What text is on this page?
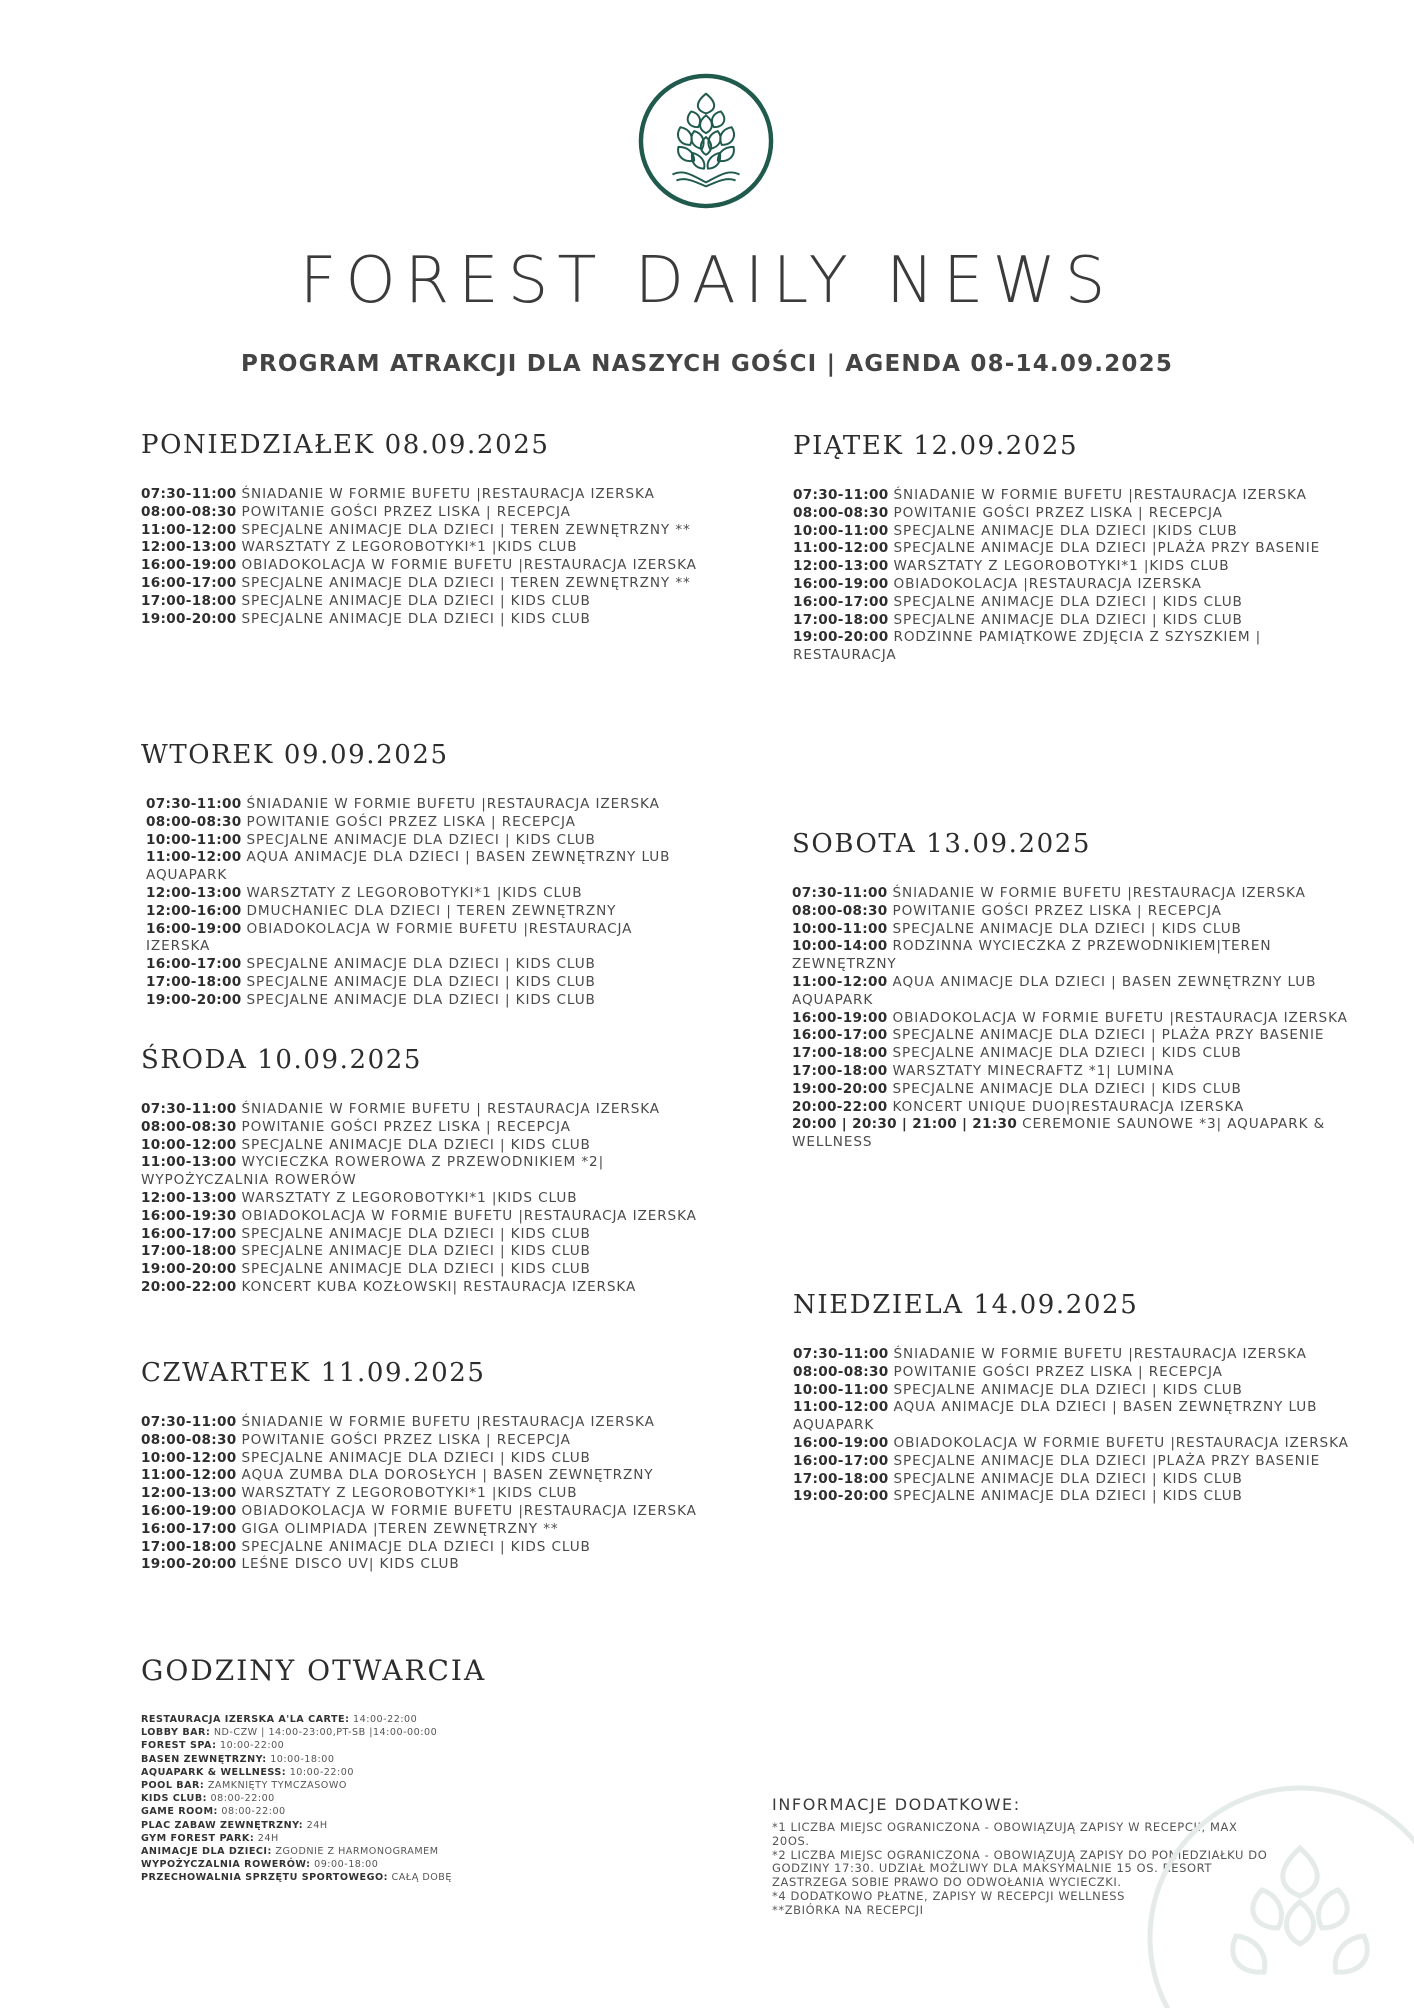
FOREST DAILY NEWS
PROGRAM ATRAKCJI DLA NASZYCH GOŚCI | AGENDA 08-14.09.2025
PONIEDZIAŁEK 08.09.2025
07:30-11:00 ŚNIADANIE W FORMIE BUFETU |RESTAURACJA IZERSKA
08:00-08:30 POWITANIE GOŚCI PRZEZ LISKA | RECEPCJA
11:00-12:00 SPECJALNE ANIMACJE DLA DZIECI | TEREN ZEWNĘTRZNY **
12:00-13:00 WARSZTATY Z LEGOROBOTYKI*1 |KIDS CLUB
16:00-19:00 OBIADOKOLACJA W FORMIE BUFETU |RESTAURACJA IZERSKA
16:00-17:00 SPECJALNE ANIMACJE DLA DZIECI | TEREN ZEWNĘTRZNY **
17:00-18:00 SPECJALNE ANIMACJE DLA DZIECI | KIDS CLUB
19:00-20:00 SPECJALNE ANIMACJE DLA DZIECI | KIDS CLUB
WTOREK 09.09.2025
07:30-11:00 ŚNIADANIE W FORMIE BUFETU |RESTAURACJA IZERSKA
08:00-08:30 POWITANIE GOŚCI PRZEZ LISKA | RECEPCJA
10:00-11:00 SPECJALNE ANIMACJE DLA DZIECI | KIDS CLUB
11:00-12:00 AQUA ANIMACJE DLA DZIECI | BASEN ZEWNĘTRZNY LUB AQUAPARK
12:00-13:00 WARSZTATY Z LEGOROBOTYKI*1 |KIDS CLUB
12:00-16:00 DMUCHANIEC DLA DZIECI | TEREN ZEWNĘTRZNY
16:00-19:00 OBIADOKOLACJA W FORMIE BUFETU |RESTAURACJA IZERSKA
16:00-17:00 SPECJALNE ANIMACJE DLA DZIECI | KIDS CLUB
17:00-18:00 SPECJALNE ANIMACJE DLA DZIECI | KIDS CLUB
19:00-20:00 SPECJALNE ANIMACJE DLA DZIECI | KIDS CLUB
ŚRODA 10.09.2025
07:30-11:00 ŚNIADANIE W FORMIE BUFETU | RESTAURACJA IZERSKA
08:00-08:30 POWITANIE GOŚCI PRZEZ LISKA | RECEPCJA
10:00-12:00 SPECJALNE ANIMACJE DLA DZIECI | KIDS CLUB
11:00-13:00 WYCIECZKA ROWEROWA Z PRZEWODNIKIEM *2| WYPOŻYCZALNIA ROWERÓW
12:00-13:00 WARSZTATY Z LEGOROBOTYKI*1 |KIDS CLUB
16:00-19:30 OBIADOKOLACJA W FORMIE BUFETU |RESTAURACJA IZERSKA
16:00-17:00 SPECJALNE ANIMACJE DLA DZIECI | KIDS CLUB
17:00-18:00 SPECJALNE ANIMACJE DLA DZIECI | KIDS CLUB
19:00-20:00 SPECJALNE ANIMACJE DLA DZIECI | KIDS CLUB
20:00-22:00 KONCERT KUBA KOZŁOWSKI| RESTAURACJA IZERSKA
CZWARTEK 11.09.2025
07:30-11:00 ŚNIADANIE W FORMIE BUFETU |RESTAURACJA IZERSKA
08:00-08:30 POWITANIE GOŚCI PRZEZ LISKA | RECEPCJA
10:00-12:00 SPECJALNE ANIMACJE DLA DZIECI | KIDS CLUB
11:00-12:00 AQUA ZUMBA DLA DOROSŁYCH | BASEN ZEWNĘTRZNY
12:00-13:00 WARSZTATY Z LEGOROBOTYKI*1 |KIDS CLUB
16:00-19:00 OBIADOKOLACJA W FORMIE BUFETU |RESTAURACJA IZERSKA
16:00-17:00 GIGA OLIMPIADA |TEREN ZEWNĘTRZNY **
17:00-18:00 SPECJALNE ANIMACJE DLA DZIECI | KIDS CLUB
19:00-20:00 LEŚNE DISCO UV| KIDS CLUB
PIĄTEK 12.09.2025
07:30-11:00 ŚNIADANIE W FORMIE BUFETU |RESTAURACJA IZERSKA
08:00-08:30 POWITANIE GOŚCI PRZEZ LISKA | RECEPCJA
10:00-11:00 SPECJALNE ANIMACJE DLA DZIECI |KIDS CLUB
11:00-12:00 SPECJALNE ANIMACJE DLA DZIECI |PLAŻA PRZY BASENIE
12:00-13:00 WARSZTATY Z LEGOROBOTYKI*1 |KIDS CLUB
16:00-19:00 OBIADOKOLACJA |RESTAURACJA IZERSKA
16:00-17:00 SPECJALNE ANIMACJE DLA DZIECI | KIDS CLUB
17:00-18:00 SPECJALNE ANIMACJE DLA DZIECI | KIDS CLUB
19:00-20:00 RODZINNE PAMIĄTKOWE ZDJĘCIA Z SZYSZKIEM | RESTAURACJA
SOBOTA 13.09.2025
07:30-11:00 ŚNIADANIE W FORMIE BUFETU |RESTAURACJA IZERSKA
08:00-08:30 POWITANIE GOŚCI PRZEZ LISKA | RECEPCJA
10:00-11:00 SPECJALNE ANIMACJE DLA DZIECI | KIDS CLUB
10:00-14:00 RODZINNA WYCIECZKA Z PRZEWODNIKIEM|TEREN ZEWNĘTRZNY
11:00-12:00 AQUA ANIMACJE DLA DZIECI | BASEN ZEWNĘTRZNY LUB AQUAPARK
16:00-19:00 OBIADOKOLACJA W FORMIE BUFETU |RESTAURACJA IZERSKA
16:00-17:00 SPECJALNE ANIMACJE DLA DZIECI | PLAŻA PRZY BASENIE
17:00-18:00 SPECJALNE ANIMACJE DLA DZIECI | KIDS CLUB
17:00-18:00 WARSZTATY MINECRAFTZ *1| LUMINA
19:00-20:00 SPECJALNE ANIMACJE DLA DZIECI | KIDS CLUB
20:00-22:00 KONCERT UNIQUE DUO|RESTAURACJA IZERSKA
20:00 | 20:30 | 21:00 | 21:30 CEREMONIE SAUNOWE *3| AQUAPARK & WELLNESS
NIEDZIELA 14.09.2025
07:30-11:00 ŚNIADANIE W FORMIE BUFETU |RESTAURACJA IZERSKA
08:00-08:30 POWITANIE GOŚCI PRZEZ LISKA | RECEPCJA
10:00-11:00 SPECJALNE ANIMACJE DLA DZIECI | KIDS CLUB
11:00-12:00 AQUA ANIMACJE DLA DZIECI | BASEN ZEWNĘTRZNY LUB AQUAPARK
16:00-19:00 OBIADOKOLACJA W FORMIE BUFETU |RESTAURACJA IZERSKA
16:00-17:00 SPECJALNE ANIMACJE DLA DZIECI |PLAŻA PRZY BASENIE
17:00-18:00 SPECJALNE ANIMACJE DLA DZIECI | KIDS CLUB
19:00-20:00 SPECJALNE ANIMACJE DLA DZIECI | KIDS CLUB
GODZINY OTWARCIA
RESTAURACJA IZERSKA A'LA CARTE: 14:00-22:00
LOBBY BAR: ND-CZW | 14:00-23:00,PT-SB |14:00-00:00
FOREST SPA: 10:00-22:00
BASEN ZEWNĘTRZNY: 10:00-18:00
AQUAPARK & WELLNESS: 10:00-22:00
POOL BAR: ZAMKNIĘTY TYMCZASOWO
KIDS CLUB: 08:00-22:00
GAME ROOM: 08:00-22:00
PLAC ZABAW ZEWNĘTRZNY: 24H
GYM FOREST PARK: 24H
ANIMACJE DLA DZIECI: ZGODNIE Z HARMONOGRAMEM
WYPOŻYCZALNIA ROWERÓW: 09:00-18:00
PRZECHOWALNIA SPRZĘTU SPORTOWEGO: CAŁĄ DOBĘ
INFORMACJE DODATKOWE:
*1 LICZBA MIEJSC OGRANICZONA - OBOWIĄZUJĄ ZAPISY W RECEPCJI, MAX 20OS.
*2 LICZBA MIEJSC OGRANICZONA - OBOWIĄZUJĄ ZAPISY DO PONIEDZIAŁKU DO GODZINY 17:30. UDZIAŁ MOŻLIWY DLA MAKSYMALNIE 15 OS. RESORT ZASTRZEGA SOBIE PRAWO DO ODWOŁANIA WYCIECZKI.
*4 DODATKOWO PŁATNE, ZAPISY W RECEPCJI WELLNESS
**ZBIÓRKA NA RECEPCJI
